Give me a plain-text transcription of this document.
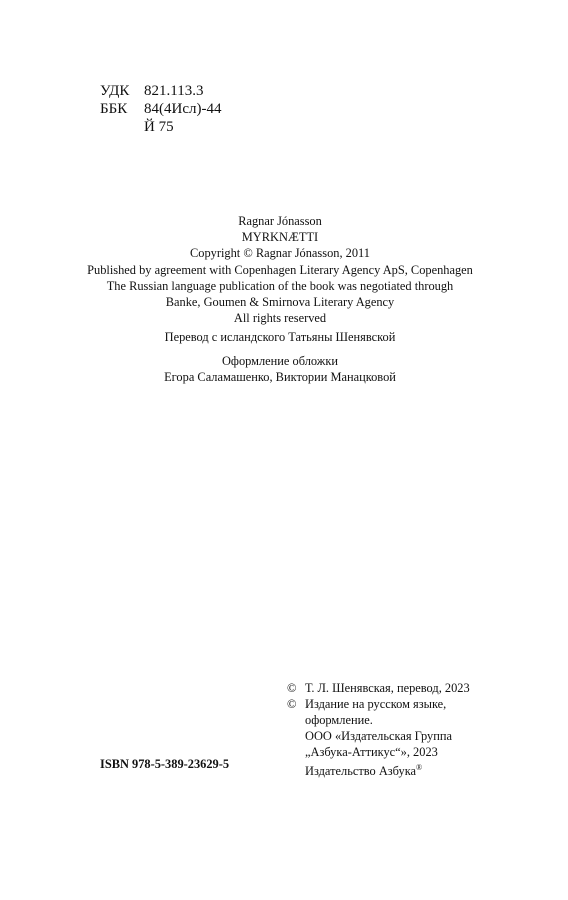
УДК 821.113.3
ББК	84(4Исл)-44
Й 75
Ragnar Jónasson
MYRKNÆTTI
Copyright © Ragnar Jónasson, 2011
Published by agreement with Copenhagen Literary Agency ApS, Copenhagen
The Russian language publication of the book was negotiated through
Banke, Goumen & Smirnova Literary Agency
All rights reserved
Перевод с исландского Татьяны Шенявской
Оформление обложки
Егора Саламашенко, Виктории Манацковой
ISBN 978-5-389-23629-5
© Т. Л. Шенявская, перевод, 2023
© Издание на русском языке,
оформление.
ООО «Издательская Группа
„Азбука-Аттикус“», 2023
Издательство Азбука®
